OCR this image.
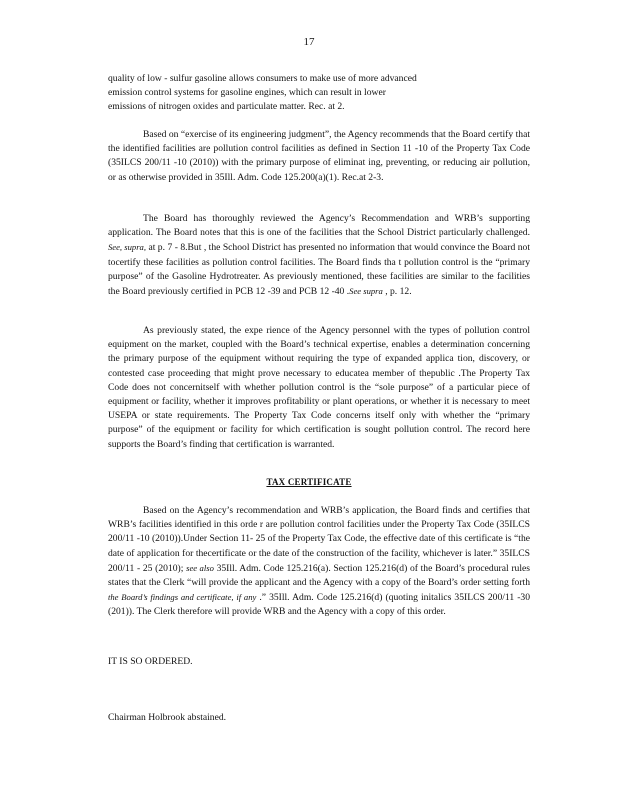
17
quality of low - sulfur gasoline allows consumers to make use of more advanced
emission control systems for gasoline engines, which can result in lower
emissions of nitrogen oxides and particulate matter. Rec. at 2.

Based on “exercise of its engineering judgment”, the Agency recommends that the Board certify that the identified facilities are pollution control facilities as defined in Section 11 -10 of the Property Tax Code (35ILCS 200/11 -10 (2010)) with the primary purpose of eliminat ing, preventing, or reducing air pollution, or as otherwise provided in 35Ill. Adm. Code 125.200(a)(1). Rec.at 2-3.

The Board has thoroughly reviewed the Agency’s Recommendation and WRB’s supporting application. The Board notes that this is one of the facilities that the School District particularly challenged. See, supra, at p. 7 - 8.But , the School District has presented no information that would convince the Board not tocertify these facilities as pollution control facilities. The Board finds tha t pollution control is the “primary purpose” of the Gasoline Hydrotreater. As previously mentioned, these facilities are similar to the facilities the Board previously certified in PCB 12 -39 and PCB 12 -40 .See supra , p. 12.

As previously stated, the expe rience of the Agency personnel with the types of pollution control equipment on the market, coupled with the Board’s technical expertise, enables a determination concerning the primary purpose of the equipment without requiring the type of expanded applica tion, discovery, or contested case proceeding that might prove necessary to educatea member of thepublic .The Property Tax Code does not concernitself with whether pollution control is the “sole purpose” of a particular piece of equipment or facility, whether it improves profitability or plant operations, or whether it is necessary to meet USEPA or state requirements. The Property Tax Code concerns itself only with whether the “primary purpose” of the equipment or facility for which certification is sought pollution control. The record here supports the Board’s finding that certification is warranted.

TAX CERTIFICATE

Based on the Agency’s recommendation and WRB’s application, the Board finds and certifies that WRB’s facilities identified in this orde r are pollution control facilities under the Property Tax Code (35ILCS 200/11 -10 (2010)).Under Section 11- 25 of the Property Tax Code, the effective date of this certificate is “the date of application for thecertificate or the date of the construction of the facility, whichever is later.” 35ILCS 200/11 - 25 (2010); see also 35Ill. Adm. Code 125.216(a). Section 125.216(d) of the Board’s procedural rules states that the Clerk “will provide the applicant and the Agency with a copy of the Board’s order setting forth the Board’s findings and certificate, if any .” 35Ill. Adm. Code 125.216(d) (quoting initalics 35ILCS 200/11 -30 (201)). The Clerk therefore will provide WRB and the Agency with a copy of this order.

IT IS SO ORDERED.
Chairman Holbrook abstained.
